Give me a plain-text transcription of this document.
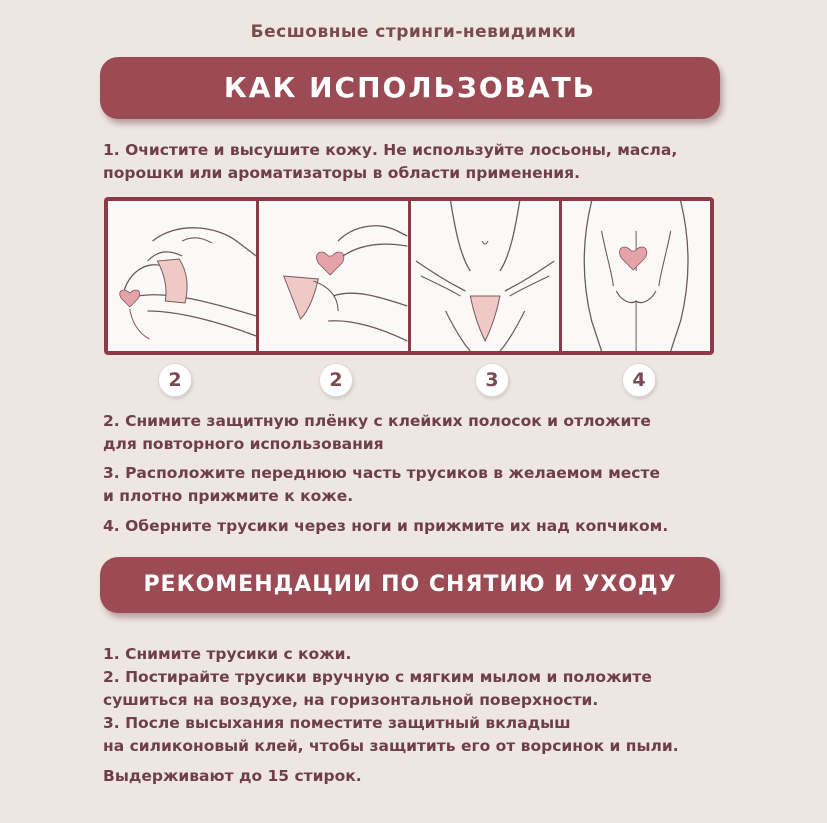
Бесшовные стринги-невидимки
КАК ИСПОЛЬЗОВАТЬ
1. Очистите и высушите кожу. Не используйте лосьоны, масла,
порошки или ароматизаторы в области применения.
2	2	3	4
2. Снимите защитную плёнку с клейких полосок и отложите
для повторного использования
3. Расположите переднюю часть трусиков в желаемом месте
и плотно прижмите к коже.
4. Оберните трусики через ноги и прижмите их над копчиком.
РЕКОМЕНДАЦИИ ПО СНЯТИЮ И УХОДУ
1. Снимите трусики с кожи.
2. Постирайте трусики вручную с мягким мылом и положите
сушиться на воздухе, на горизонтальной поверхности.
3. После высыхания поместите защитный вкладыш
на силиконовый клей, чтобы защитить его от ворсинок и пыли.
Выдерживают до 15 стирок.
